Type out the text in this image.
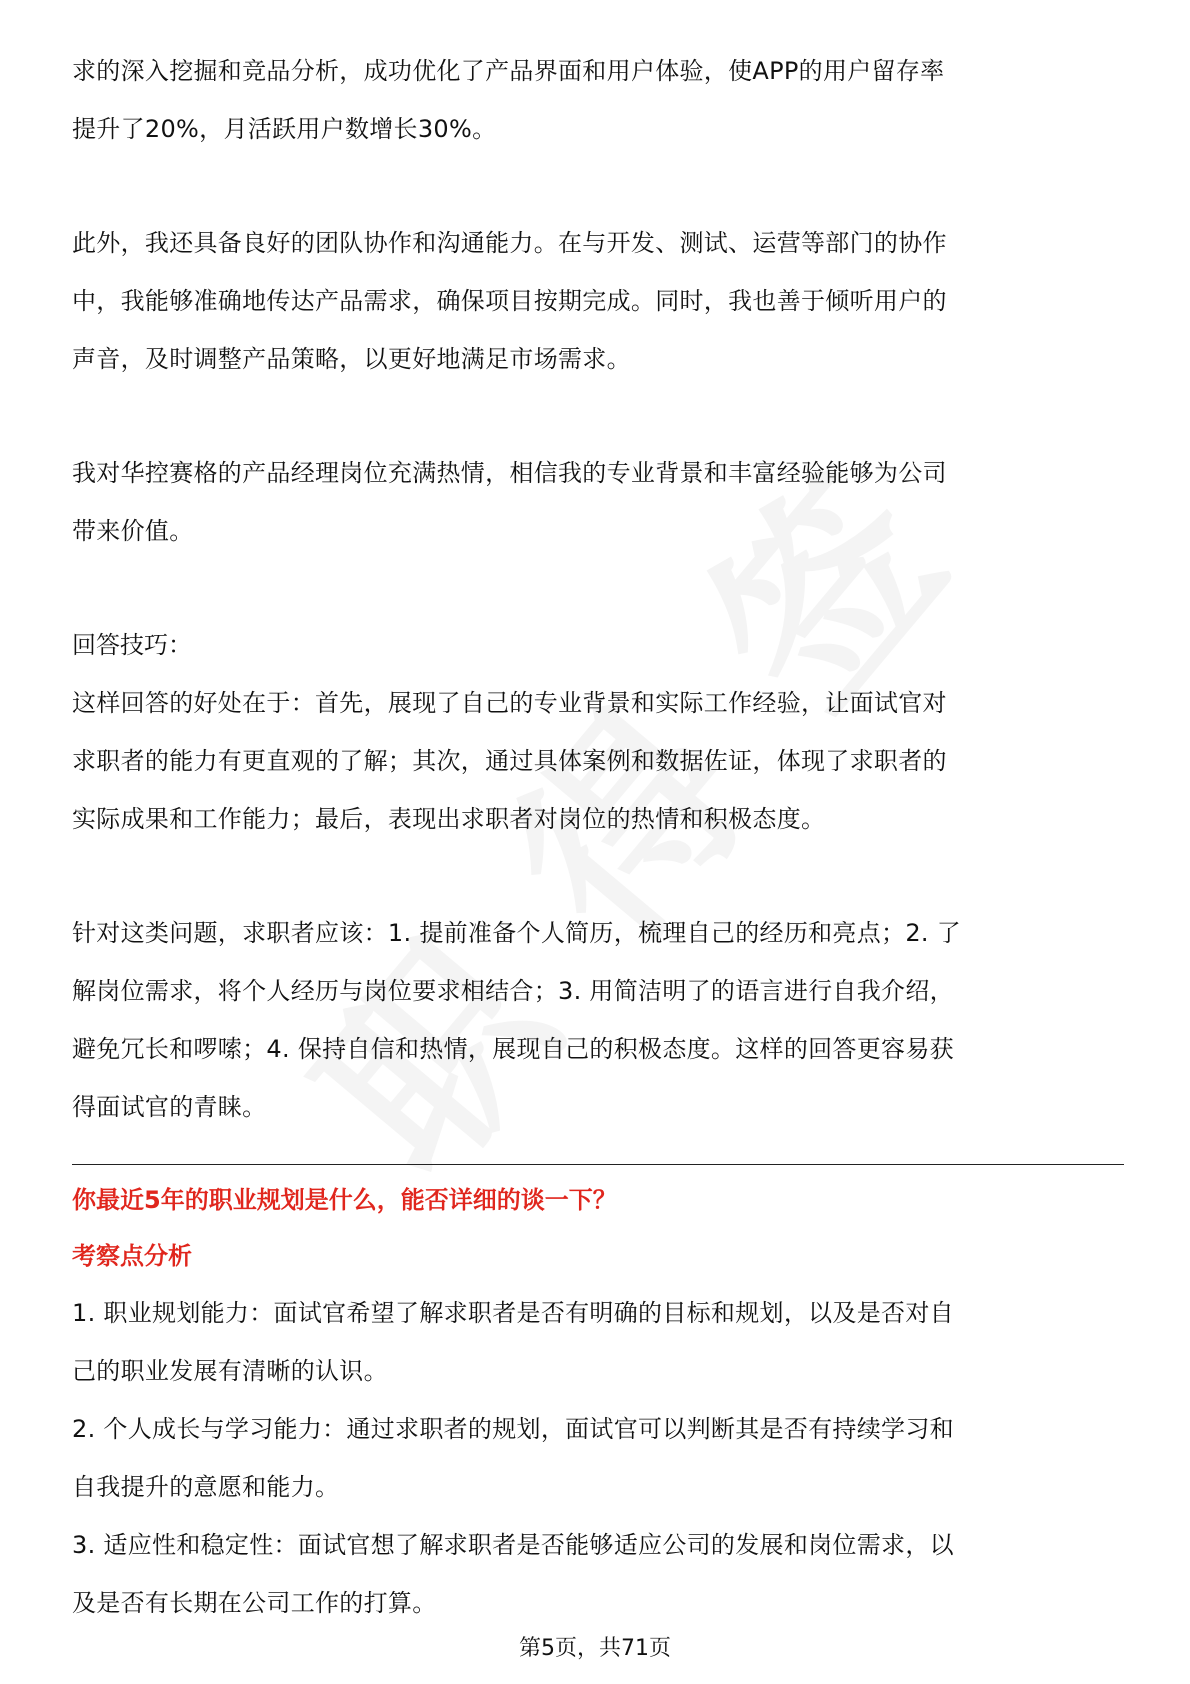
求的深入挖掘和竞品分析，成功优化了产品界面和用户体验，使APP的用户留存率

提升了20%，月活跃用户数增长30%。

此外，我还具备良好的团队协作和沟通能力。在与开发、测试、运营等部门的协作

中，我能够准确地传达产品需求，确保项目按期完成。同时，我也善于倾听用户的

声音，及时调整产品策略，以更好地满足市场需求。

我对华控赛格的产品经理岗位充满热情，相信我的专业背景和丰富经验能够为公司

带来价值。

回答技巧：

这样回答的好处在于：首先，展现了自己的专业背景和实际工作经验，让面试官对

求职者的能力有更直观的了解；其次，通过具体案例和数据佐证，体现了求职者的

实际成果和工作能力；最后，表现出求职者对岗位的热情和积极态度。

针对这类问题，求职者应该：1. 提前准备个人简历，梳理自己的经历和亮点；2. 了

解岗位需求，将个人经历与岗位要求相结合；3. 用简洁明了的语言进行自我介绍，

避免冗长和啰嗦；4. 保持自信和热情，展现自己的积极态度。这样的回答更容易获

得面试官的青睐。

你最近5年的职业规划是什么，能否详细的谈一下？

考察点分析

1. 职业规划能力：面试官希望了解求职者是否有明确的目标和规划，以及是否对自

己的职业发展有清晰的认识。

2. 个人成长与学习能力：通过求职者的规划，面试官可以判断其是否有持续学习和

自我提升的意愿和能力。

3. 适应性和稳定性：面试官想了解求职者是否能够适应公司的发展和岗位需求，以

及是否有长期在公司工作的打算。

第5页，共71页
